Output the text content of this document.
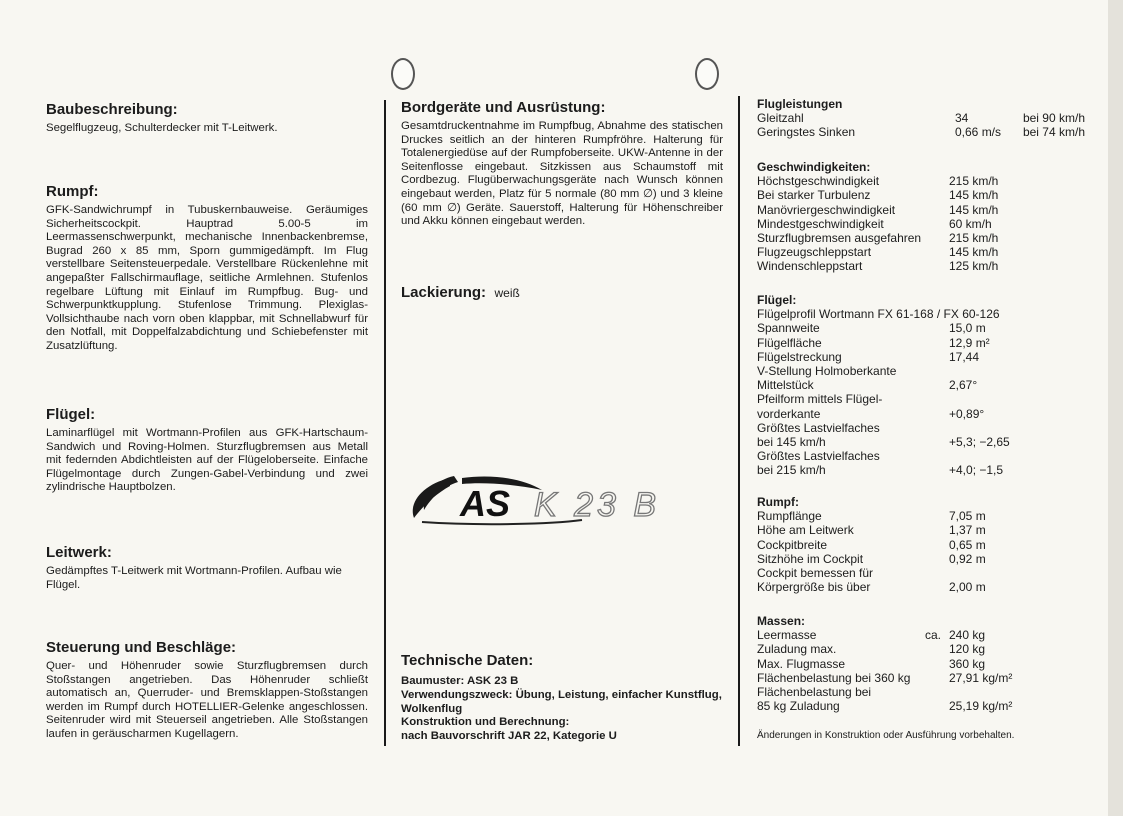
Baubeschreibung:

Segelflugzeug, Schulterdecker mit T-Leitwerk.

Rumpf:

GFK-Sandwichrumpf in Tubuskernbauweise. Geräumiges Sicherheitscockpit. Hauptrad 5.00-5 im Leermassenschwerpunkt, mechanische Innenbackenbremse, Bugrad 260 x 85 mm, Sporn gummigedämpft. Im Flug verstellbare Seitensteuerpedale. Verstellbare Rückenlehne mit angepaßter Fallschirmauflage, seitliche Armlehnen. Stufenlos regelbare Lüftung mit Einlauf im Rumpfbug. Bug- und Schwerpunktkupplung. Stufenlose Trimmung. Plexiglas-Vollsichthaube nach vorn oben klappbar, mit Schnellabwurf für den Notfall, mit Doppelfalzabdichtung und Schiebefenster mit Zusatzlüftung.

Flügel:

Laminarflügel mit Wortmann-Profilen aus GFK-Hartschaum-Sandwich und Roving-Holmen. Sturzflugbremsen aus Metall mit federnden Abdichtleisten auf der Flügeloberseite. Einfache Flügelmontage durch Zungen-Gabel-Verbindung und zwei zylindrische Hauptbolzen.

Leitwerk:

Gedämpftes T-Leitwerk mit Wortmann-Profilen. Aufbau wie Flügel.

Steuerung und Beschläge:

Quer- und Höhenruder sowie Sturzflugbremsen durch Stoßstangen angetrieben. Das Höhenruder schließt automatisch an, Querruder- und Bremsklappen-Stoßstangen werden im Rumpf durch HOTELLIER-Gelenke angeschlossen. Seitenruder wird mit Steuerseil angetrieben. Alle Stoßstangen laufen in geräuscharmen Kugellagern.

Bordgeräte und Ausrüstung:

Gesamtdruckentnahme im Rumpfbug, Abnahme des statischen Druckes seitlich an der hinteren Rumpfröhre. Halterung für Totalenergiedüse auf der Rumpfoberseite. UKW-Antenne in der Seitenflosse eingebaut. Sitzkissen aus Schaumstoff mit Cordbezug. Flugüberwachungsgeräte nach Wunsch können eingebaut werden, Platz für 5 normale (80 mm ∅) und 3 kleine (60 mm ∅) Geräte. Sauerstoff, Halterung für Höhenschreiber und Akku können eingebaut werden.

Lackierung: weiß
AS K 23 B
Technische Daten:
Baumuster: ASK 23 B
Verwendungszweck: Übung, Leistung, einfacher Kunstflug, Wolkenflug
Konstruktion und Berechnung:
nach Bauvorschrift JAR 22, Kategorie U
Flugleistungen
Gleitzahl	34	bei 90 km/h
Geringstes Sinken	0,66 m/s	bei 74 km/h
Geschwindigkeiten:
Höchstgeschwindigkeit	215 km/h
Bei starker Turbulenz	145 km/h
Manövriergeschwindigkeit	145 km/h
Mindestgeschwindigkeit	60 km/h
Sturzflugbremsen ausgefahren	215 km/h
Flugzeugschleppstart	145 km/h
Windenschleppstart	125 km/h
Flügel:
Flügelprofil Wortmann FX 61-168 / FX 60-126
Spannweite	15,0 m
Flügelfläche	12,9 m²
Flügelstreckung	17,44
V-Stellung Holmoberkante
Mittelstück	2,67°
Pfeilform mittels Flügel-
vorderkante	+0,89°
Größtes Lastvielfaches
bei 145 km/h	+5,3; −2,65
Größtes Lastvielfaches
bei 215 km/h	+4,0; −1,5
Rumpf:
Rumpflänge	7,05 m
Höhe am Leitwerk	1,37 m
Cockpitbreite	0,65 m
Sitzhöhe im Cockpit	0,92 m
Cockpit bemessen für
Körpergröße bis über	2,00 m
Massen:
Leermasse	ca. 240 kg
Zuladung max.	120 kg
Max. Flugmasse	360 kg
Flächenbelastung bei 360 kg	27,91 kg/m²
Flächenbelastung bei
85 kg Zuladung	25,19 kg/m²
Änderungen in Konstruktion oder Ausführung vorbehalten.
